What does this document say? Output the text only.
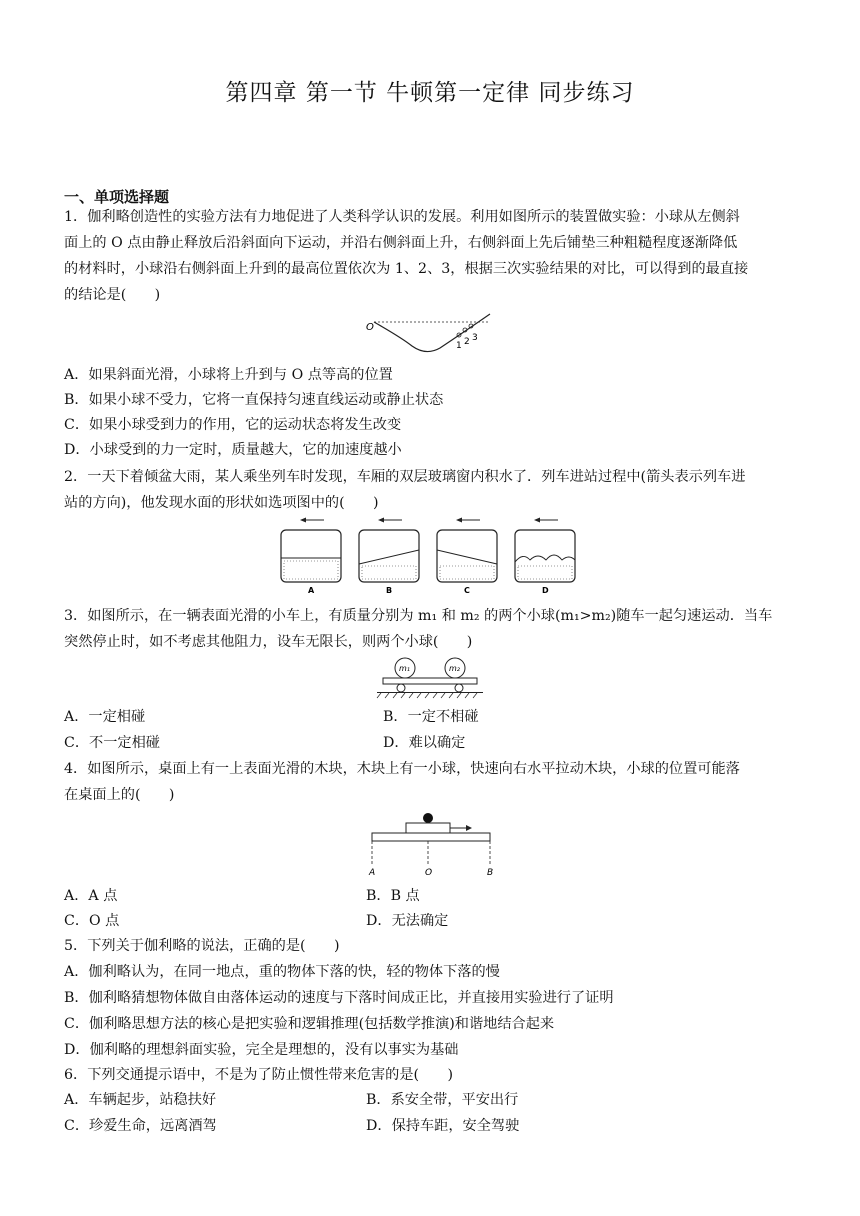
第四章 第一节 牛顿第一定律 同步练习
一、单项选择题
1．伽利略创造性的实验方法有力地促进了人类科学认识的发展。利用如图所示的装置做实验：小球从左侧斜
面上的 O 点由静止释放后沿斜面向下运动，并沿右侧斜面上升，右侧斜面上先后铺垫三种粗糙程度逐渐降低
的材料时，小球沿右侧斜面上升到的最高位置依次为 1、2、3，根据三次实验结果的对比，可以得到的最直接
的结论是(　　)
O
1 2 3
A．如果斜面光滑，小球将上升到与 O 点等高的位置
B．如果小球不受力，它将一直保持匀速直线运动或静止状态
C．如果小球受到力的作用，它的运动状态将发生改变
D．小球受到的力一定时，质量越大，它的加速度越小
2．一天下着倾盆大雨，某人乘坐列车时发现，车厢的双层玻璃窗内积水了．列车进站过程中(箭头表示列车进
站的方向)，他发现水面的形状如选项图中的(　　)
A	B	C	D
3．如图所示，在一辆表面光滑的小车上，有质量分别为 m₁ 和 m₂ 的两个小球(m₁>m₂)随车一起匀速运动．当车
突然停止时，如不考虑其他阻力，设车无限长，则两个小球(　　)
m₁	m₂
A．一定相碰	B．一定不相碰
C．不一定相碰	D．难以确定
4．如图所示，桌面上有一上表面光滑的木块，木块上有一小球，快速向右水平拉动木块，小球的位置可能落
在桌面上的(　　)
A	O	B
A．A 点	B．B 点
C．O 点	D．无法确定
5．下列关于伽利略的说法，正确的是(　　)
A．伽利略认为，在同一地点，重的物体下落的快，轻的物体下落的慢
B．伽利略猜想物体做自由落体运动的速度与下落时间成正比，并直接用实验进行了证明
C．伽利略思想方法的核心是把实验和逻辑推理(包括数学推演)和谐地结合起来
D．伽利略的理想斜面实验，完全是理想的，没有以事实为基础
6．下列交通提示语中，不是为了防止惯性带来危害的是(　　)
A．车辆起步，站稳扶好	B．系安全带，平安出行
C．珍爱生命，远离酒驾	D．保持车距，安全驾驶
